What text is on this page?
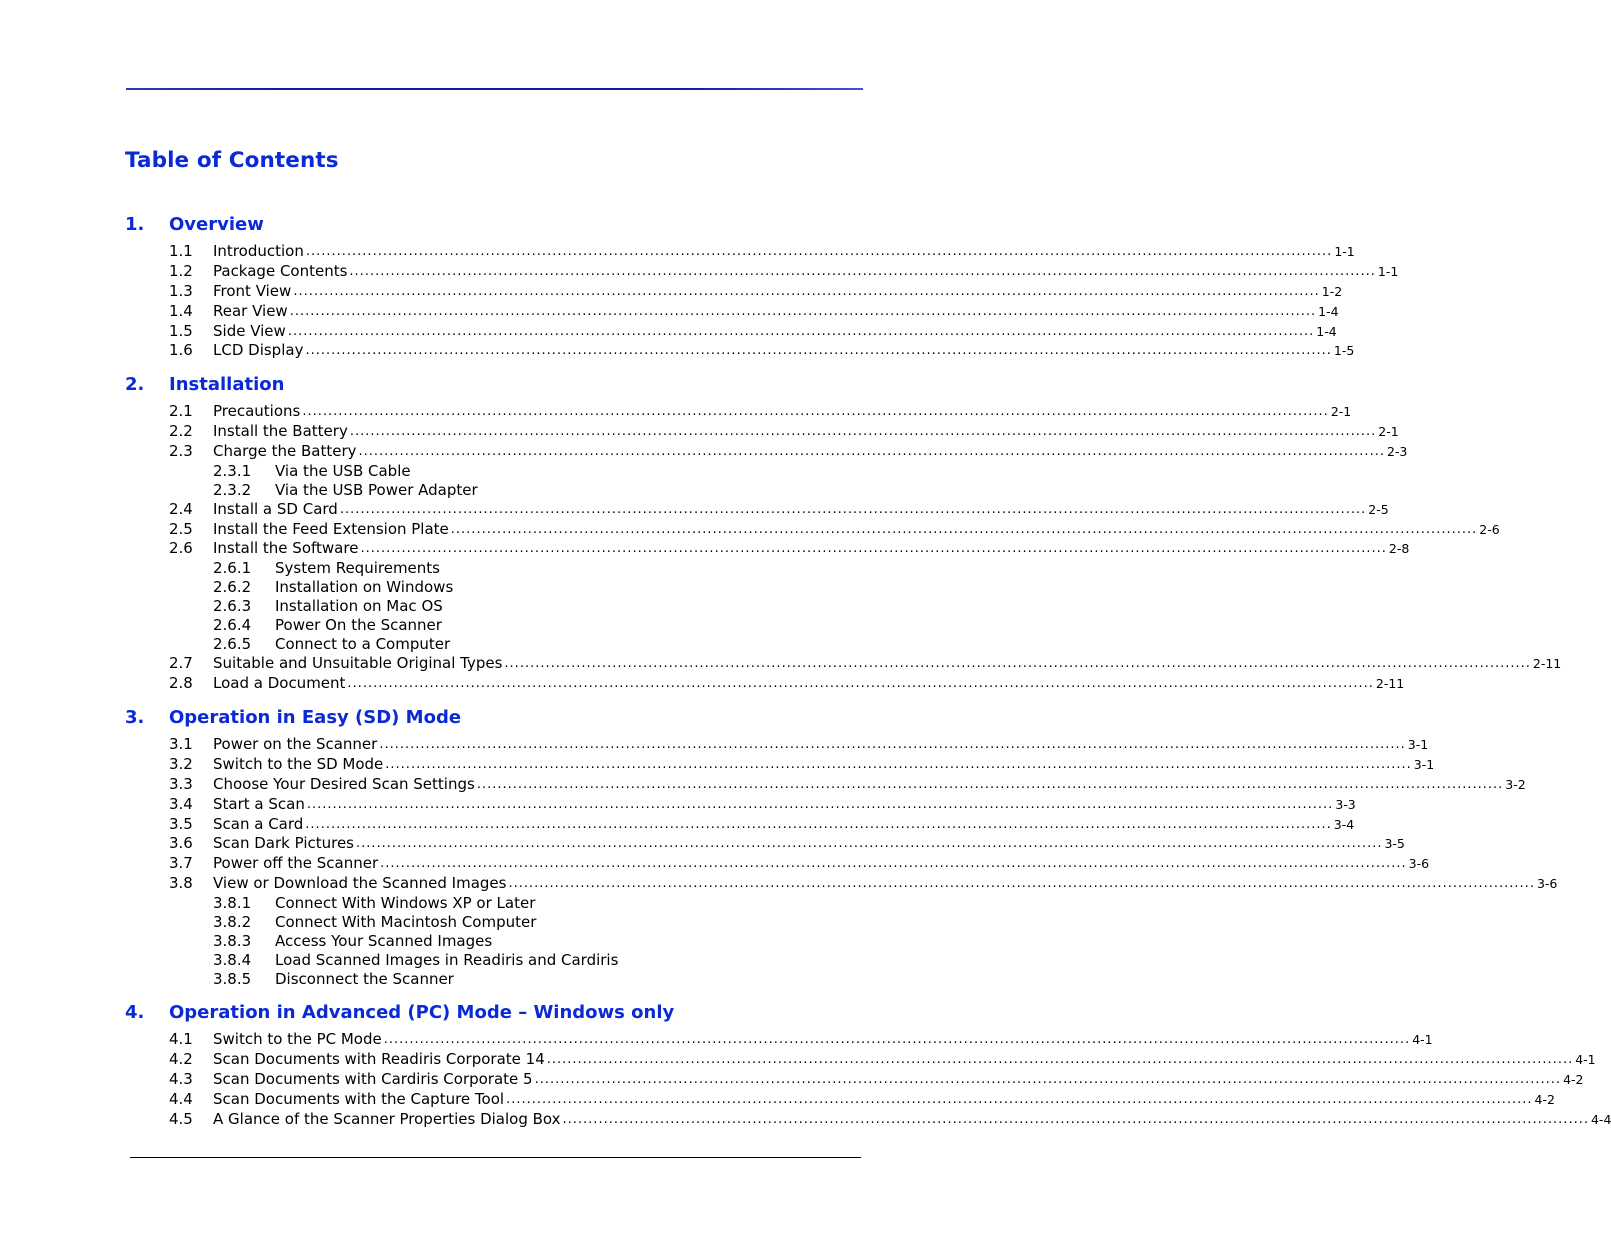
Table of Contents
1.	Overview
1.1 Introduction ........................................................................................................................................................................................................ 1-1
1.2 Package Contents ........................................................................................................................................................................................................ 1-1
1.3 Front View ........................................................................................................................................................................................................ 1-2
1.4 Rear View ........................................................................................................................................................................................................ 1-4
1.5 Side View ........................................................................................................................................................................................................ 1-4
1.6 LCD Display ........................................................................................................................................................................................................ 1-5
2.	Installation
2.1 Precautions ........................................................................................................................................................................................................ 2-1
2.2 Install the Battery ........................................................................................................................................................................................................ 2-1
2.3 Charge the Battery ........................................................................................................................................................................................................ 2-3
2.3.1 Via the USB Cable
2.3.2 Via the USB Power Adapter
2.4 Install a SD Card ........................................................................................................................................................................................................ 2-5
2.5 Install the Feed Extension Plate ........................................................................................................................................................................................................ 2-6
2.6 Install the Software ........................................................................................................................................................................................................ 2-8
2.6.1 System Requirements
2.6.2 Installation on Windows
2.6.3 Installation on Mac OS
2.6.4 Power On the Scanner
2.6.5 Connect to a Computer
2.7 Suitable and Unsuitable Original Types ........................................................................................................................................................................................................ 2-11
2.8 Load a Document ........................................................................................................................................................................................................ 2-11
3.	Operation in Easy (SD) Mode
3.1 Power on the Scanner ........................................................................................................................................................................................................ 3-1
3.2 Switch to the SD Mode ........................................................................................................................................................................................................ 3-1
3.3 Choose Your Desired Scan Settings ........................................................................................................................................................................................................ 3-2
3.4 Start a Scan ........................................................................................................................................................................................................ 3-3
3.5 Scan a Card ........................................................................................................................................................................................................ 3-4
3.6 Scan Dark Pictures ........................................................................................................................................................................................................ 3-5
3.7 Power off the Scanner ........................................................................................................................................................................................................ 3-6
3.8 View or Download the Scanned Images ........................................................................................................................................................................................................ 3-6
3.8.1 Connect With Windows XP or Later
3.8.2 Connect With Macintosh Computer
3.8.3 Access Your Scanned Images
3.8.4 Load Scanned Images in Readiris and Cardiris
3.8.5 Disconnect the Scanner
4.	Operation in Advanced (PC) Mode – Windows only
4.1 Switch to the PC Mode ........................................................................................................................................................................................................ 4-1
4.2 Scan Documents with Readiris Corporate 14 ........................................................................................................................................................................................................ 4-1
4.3 Scan Documents with Cardiris Corporate 5 ........................................................................................................................................................................................................ 4-2
4.4 Scan Documents with the Capture Tool ........................................................................................................................................................................................................ 4-2
4.5 A Glance of the Scanner Properties Dialog Box ........................................................................................................................................................................................................ 4-4
